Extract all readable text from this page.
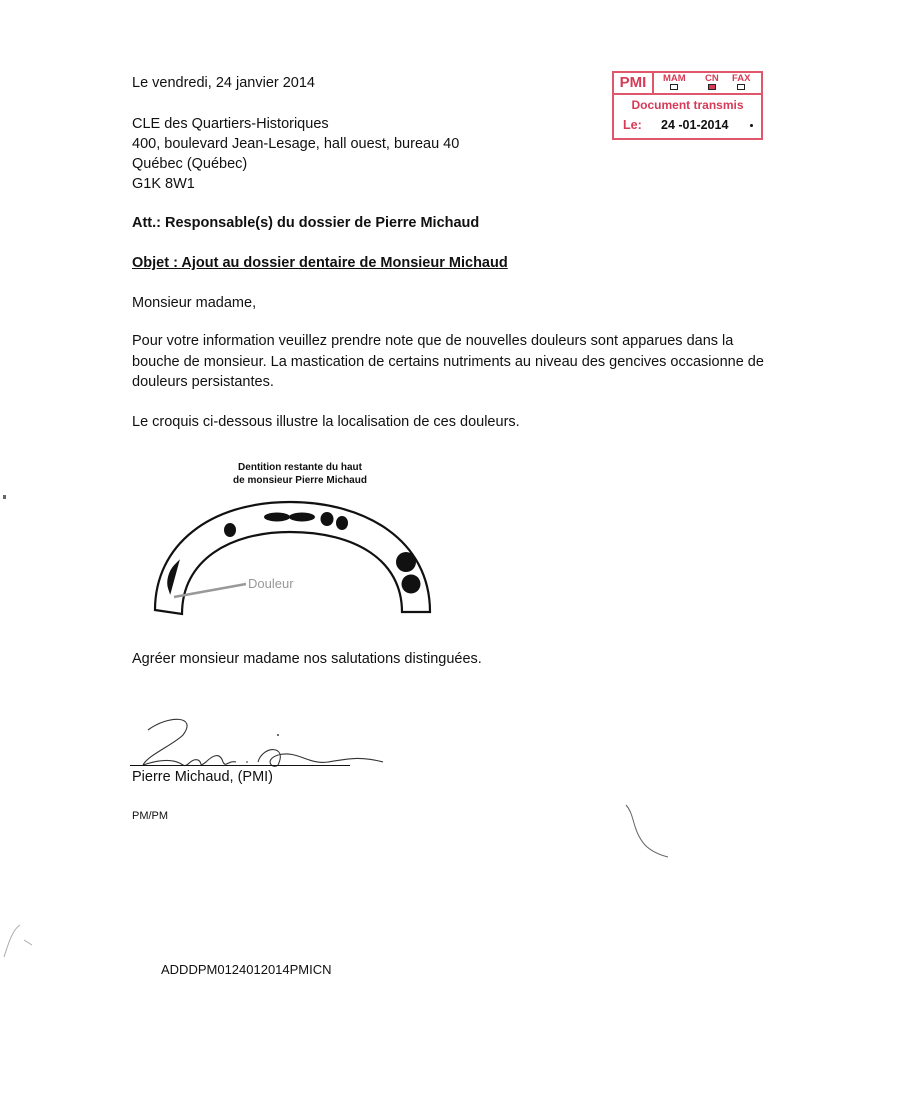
Le vendredi, 24 janvier 2014	PMI	MAM CN FAX
Document transmis
Le: 24 -01-2014
CLE des Quartiers-Historiques
400, boulevard Jean-Lesage, hall ouest, bureau 40
Québec (Québec)
G1K 8W1
Att.: Responsable(s) du dossier de Pierre Michaud
Objet : Ajout au dossier dentaire de Monsieur Michaud
Monsieur madame,
Pour votre information veuillez prendre note que de nouvelles douleurs sont apparues dans la bouche de monsieur. La mastication de certains nutriments au niveau des gencives occasionne de douleurs persistantes.
Le croquis ci-dessous illustre la localisation de ces douleurs.
Dentition restante du haut
de monsieur Pierre Michaud
Douleur
Agréer monsieur madame nos salutations distinguées.
Pierre Michaud, (PMI)
PM/PM
ADDDPM0124012014PMICN
